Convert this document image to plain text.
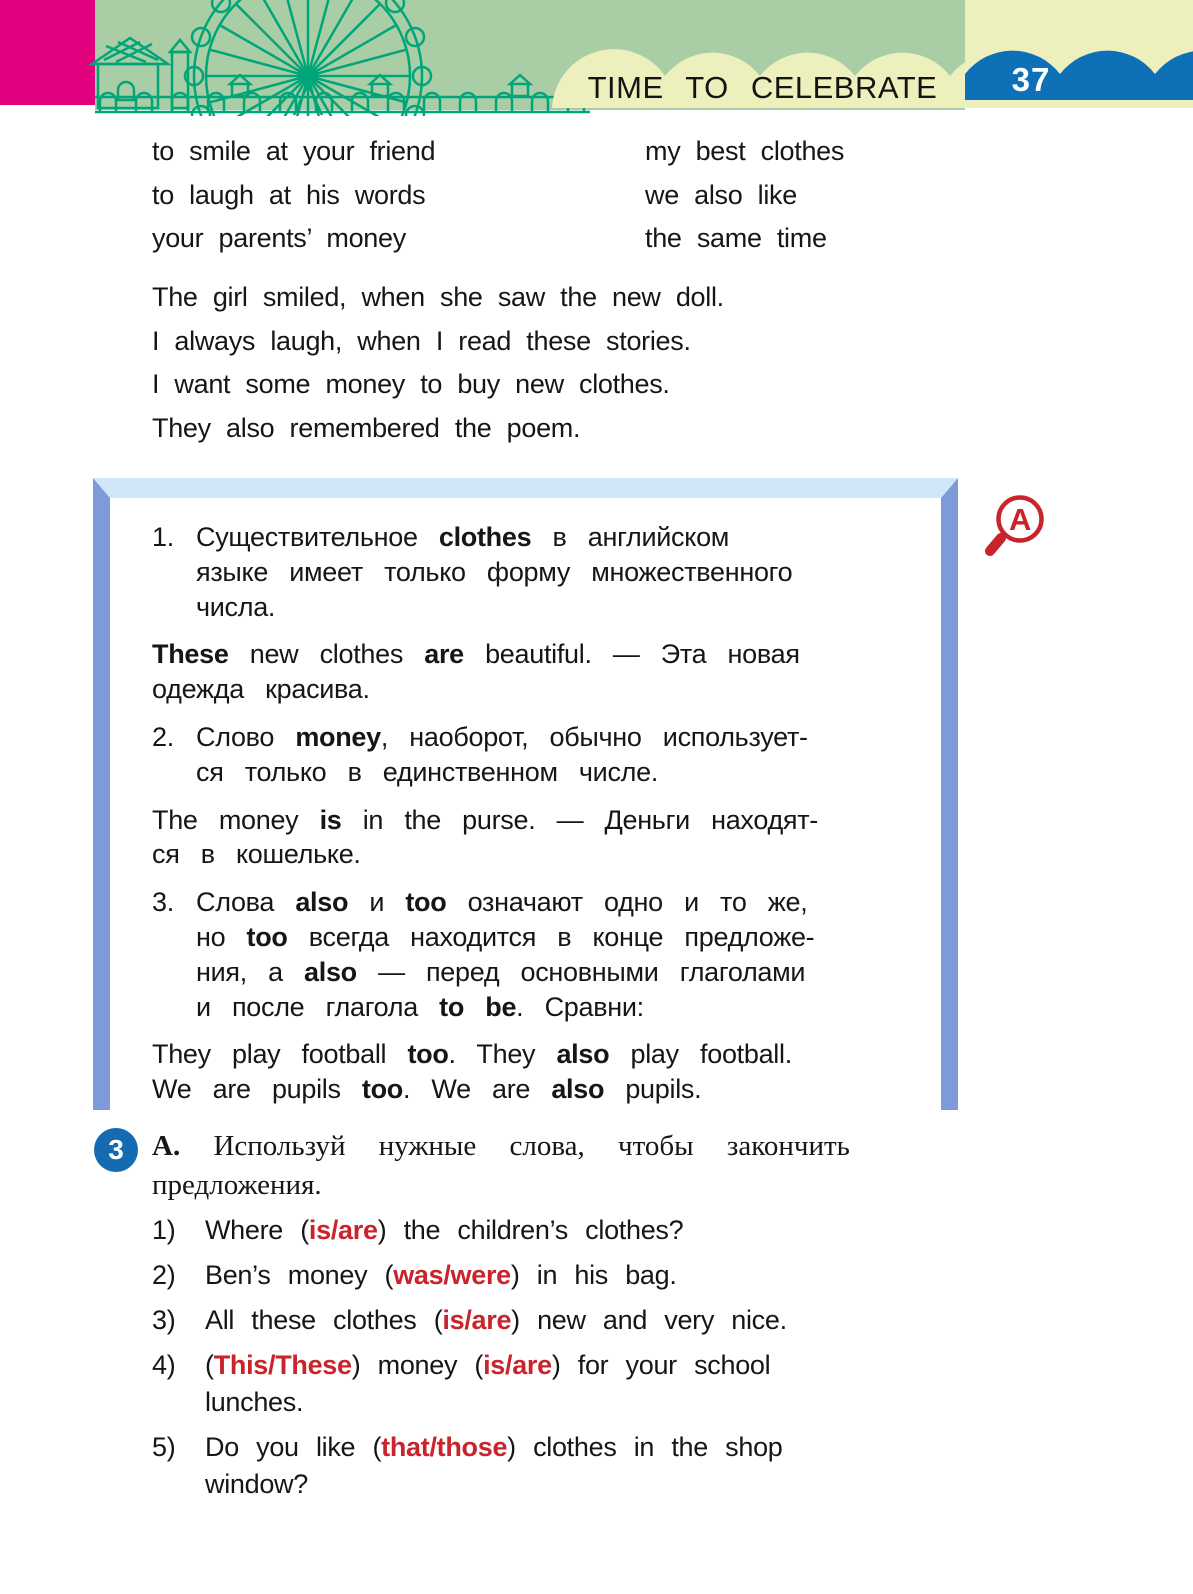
TIME TO CELEBRATE	37
to smile at your friend	my best clothes
to laugh at his words	we also like
your parents’ money	the same time
The girl smiled, when she saw the new doll.
I always laugh, when I read these stories.
I want some money to buy new clothes.
They also remembered the poem.
1. Существительное clothes в английском
языке имеет только форму множественного
числа.
These new clothes are beautiful. — Эта новая
одежда красива.
2. Слово money, наоборот, обычно использует-
ся только в единственном числе.
The money is in the purse. — Деньги находят-
ся в кошельке.
3. Слова also и too означают одно и то же,
но too всегда находится в конце предложе-
ния, а also — перед основными глаголами
и после глагола to be. Сравни:
They play football too. They also play football.
We are pupils too. We are also pupils.
A
3 А. Используй нужные слова, чтобы закончить
предложения.
1)	Where (is/are) the children’s clothes?
2)	Ben’s money (was/were) in his bag.
3)	All these clothes (is/are) new and very nice.
4)	(This/These) money (is/are) for your school
lunches.
5)	Do you like (that/those) clothes in the shop
window?
